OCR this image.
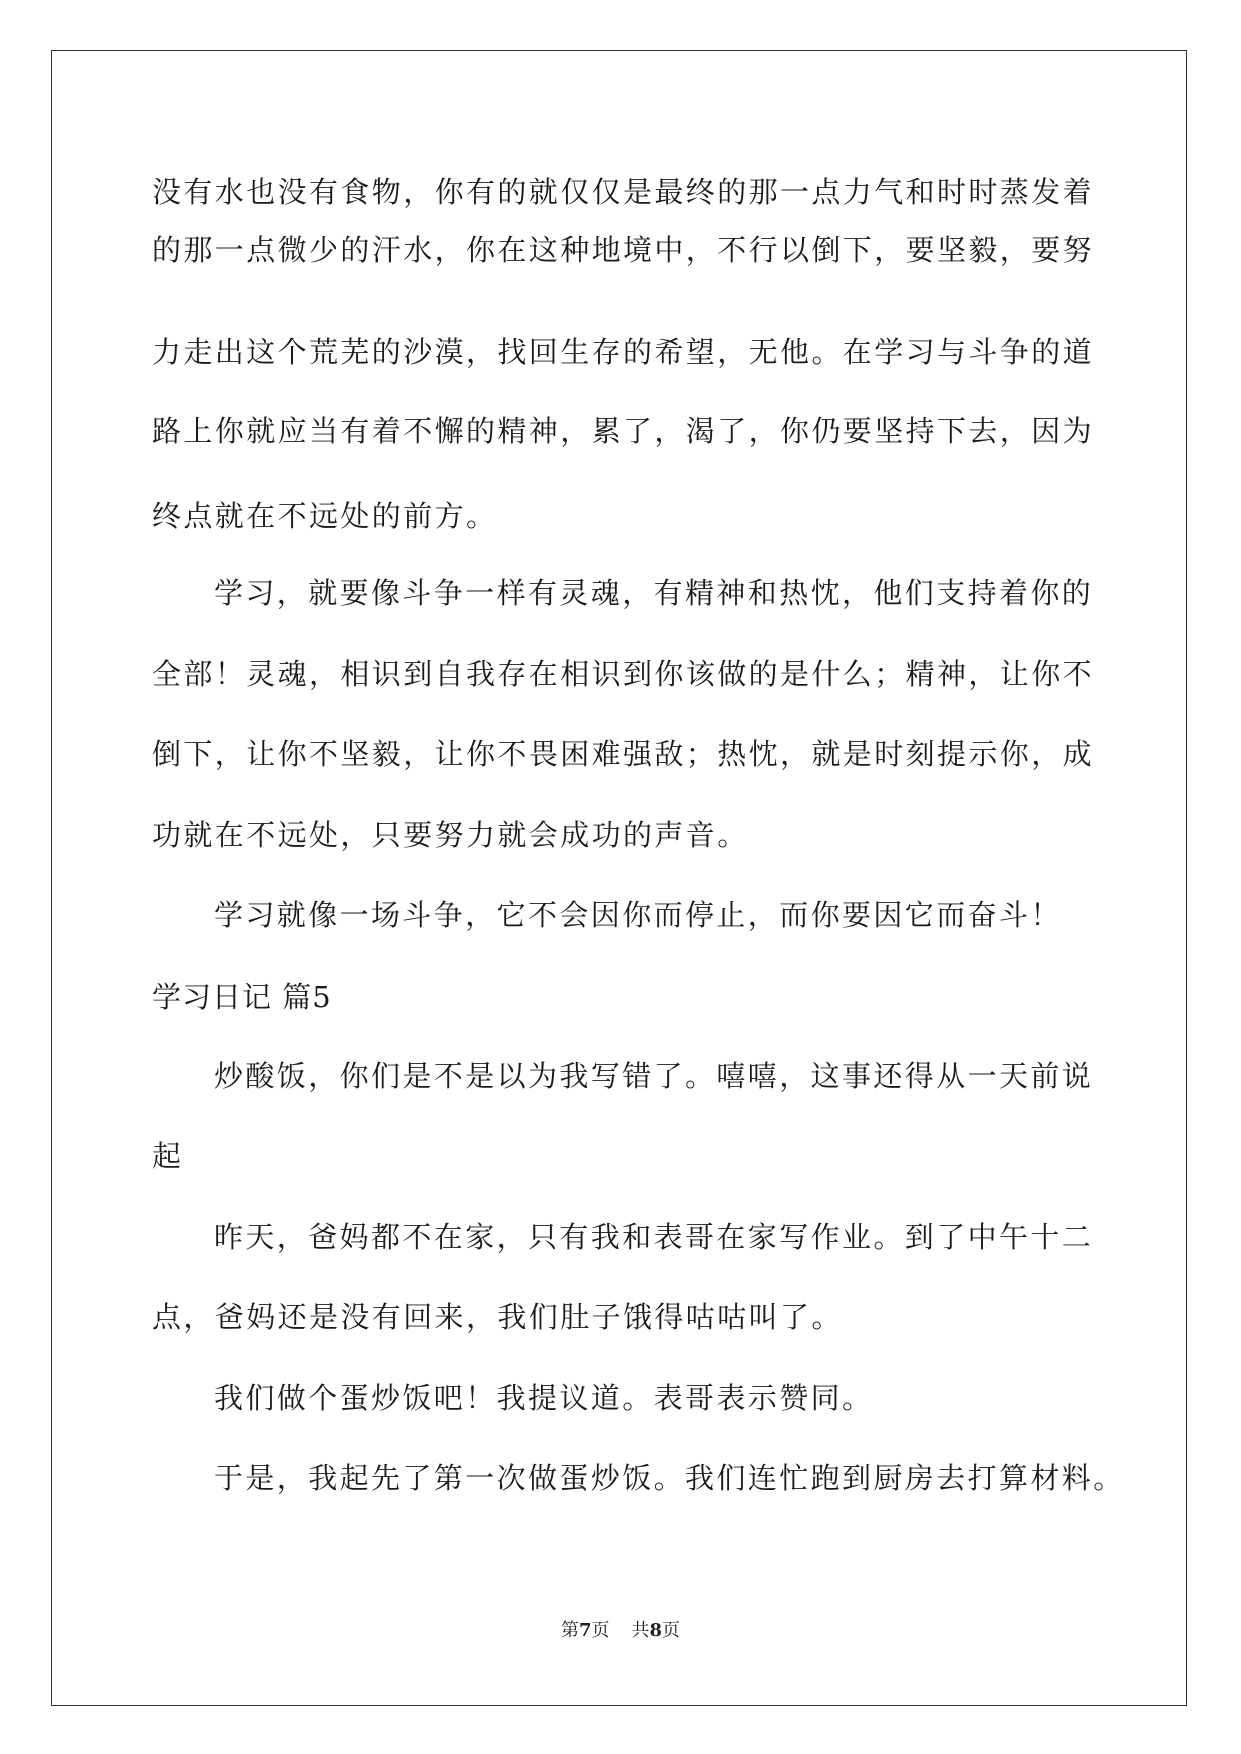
没有水也没有食物，你有的就仅仅是最终的那一点力气和时时蒸发着
的那一点微少的汗水，你在这种地境中，不行以倒下，要坚毅，要努
力走出这个荒芜的沙漠，找回生存的希望，无他。在学习与斗争的道
路上你就应当有着不懈的精神，累了，渴了，你仍要坚持下去，因为
终点就在不远处的前方。
学习，就要像斗争一样有灵魂，有精神和热忱，他们支持着你的
全部！灵魂，相识到自我存在相识到你该做的是什么；精神，让你不
倒下，让你不坚毅，让你不畏困难强敌；热忱，就是时刻提示你，成
功就在不远处，只要努力就会成功的声音。
学习就像一场斗争，它不会因你而停止，而你要因它而奋斗！
学习日记 篇5
炒酸饭，你们是不是以为我写错了。嘻嘻，这事还得从一天前说
起
昨天，爸妈都不在家，只有我和表哥在家写作业。到了中午十二
点，爸妈还是没有回来，我们肚子饿得咕咕叫了。
我们做个蛋炒饭吧！我提议道。表哥表示赞同。
于是，我起先了第一次做蛋炒饭。我们连忙跑到厨房去打算材料。
第7页 共8页
